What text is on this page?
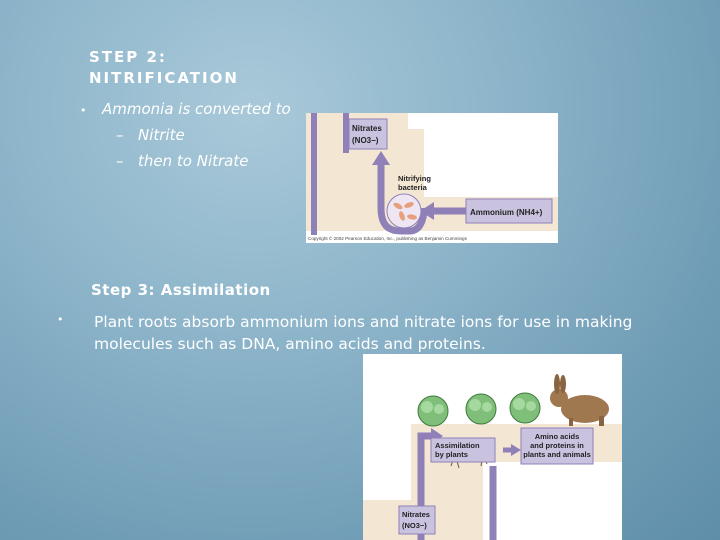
STEP 2:
NITRIFICATION
• Ammonia is converted to
– Nitrite
– then to Nitrate
Nitrates
(NO3−)
Nitrifying
bacteria
Ammonium (NH4+)
Copyright © 2002 Pearson Education, Inc., publishing as Benjamin Cummings
Step 3: Assimilation
• Plant roots absorb ammonium ions and nitrate ions for use in making
molecules such as DNA, amino acids and proteins.
Assimilation
by plants
Amino acids
and proteins in
plants and animals
Nitrates
(NO3−)
